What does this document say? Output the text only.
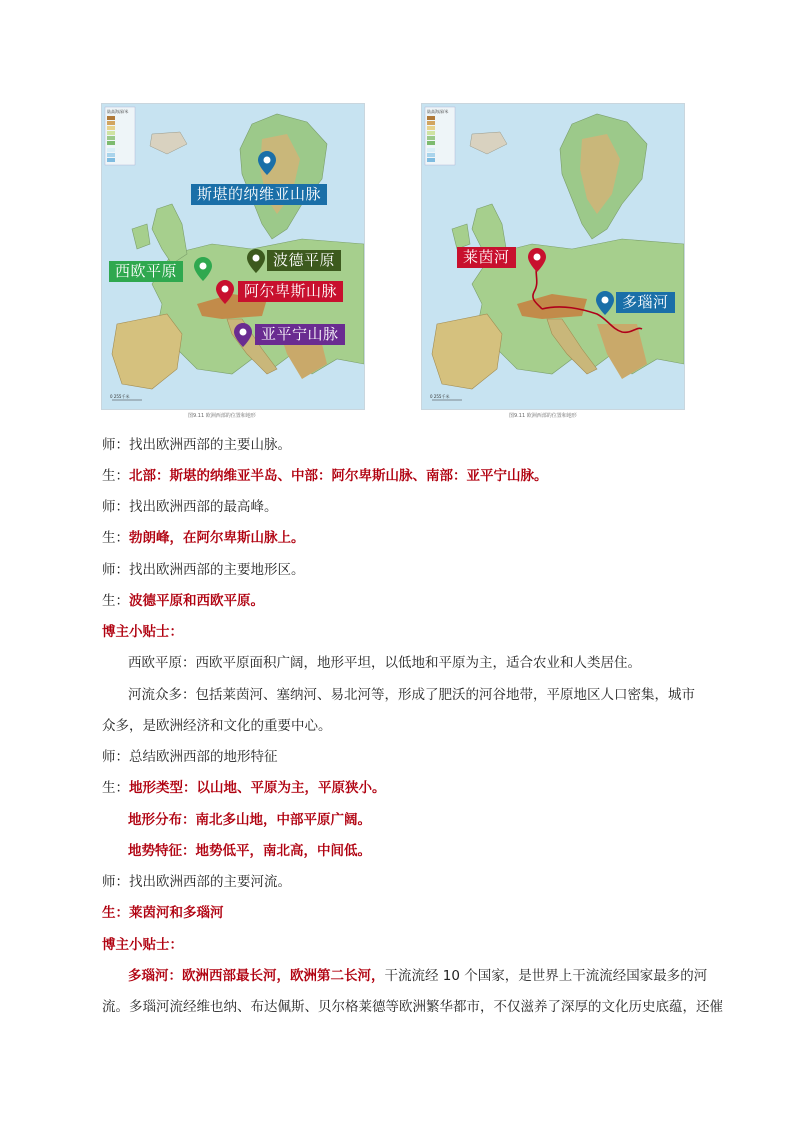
陆高海深/米
0 255千米
图9.11 欧洲西部的位置和地形
斯堪的纳维亚山脉
西欧平原
波德平原
阿尔卑斯山脉
亚平宁山脉
陆高海深/米
0 255千米
图9.11 欧洲西部的位置和地形
莱茵河
多瑙河
师：找出欧洲西部的主要山脉。
生：北部：斯堪的纳维亚半岛、中部：阿尔卑斯山脉、南部：亚平宁山脉。
师：找出欧洲西部的最高峰。
生：勃朗峰，在阿尔卑斯山脉上。
师：找出欧洲西部的主要地形区。
生：波德平原和西欧平原。
博主小贴士：
西欧平原：西欧平原面积广阔，地形平坦，以低地和平原为主，适合农业和人类居住。
河流众多：包括莱茵河、塞纳河、易北河等，形成了肥沃的河谷地带，平原地区人口密集，城市
众多，是欧洲经济和文化的重要中心。
师：总结欧洲西部的地形特征
生：地形类型：以山地、平原为主，平原狭小。
地形分布：南北多山地，中部平原广阔。
地势特征：地势低平，南北高，中间低。
师：找出欧洲西部的主要河流。
生：莱茵河和多瑙河
博主小贴士：
多瑙河：欧洲西部最长河，欧洲第二长河，干流流经 10 个国家，是世界上干流流经国家最多的河
流。多瑙河流经维也纳、布达佩斯、贝尔格莱德等欧洲繁华都市，不仅滋养了深厚的文化历史底蕴，还催
